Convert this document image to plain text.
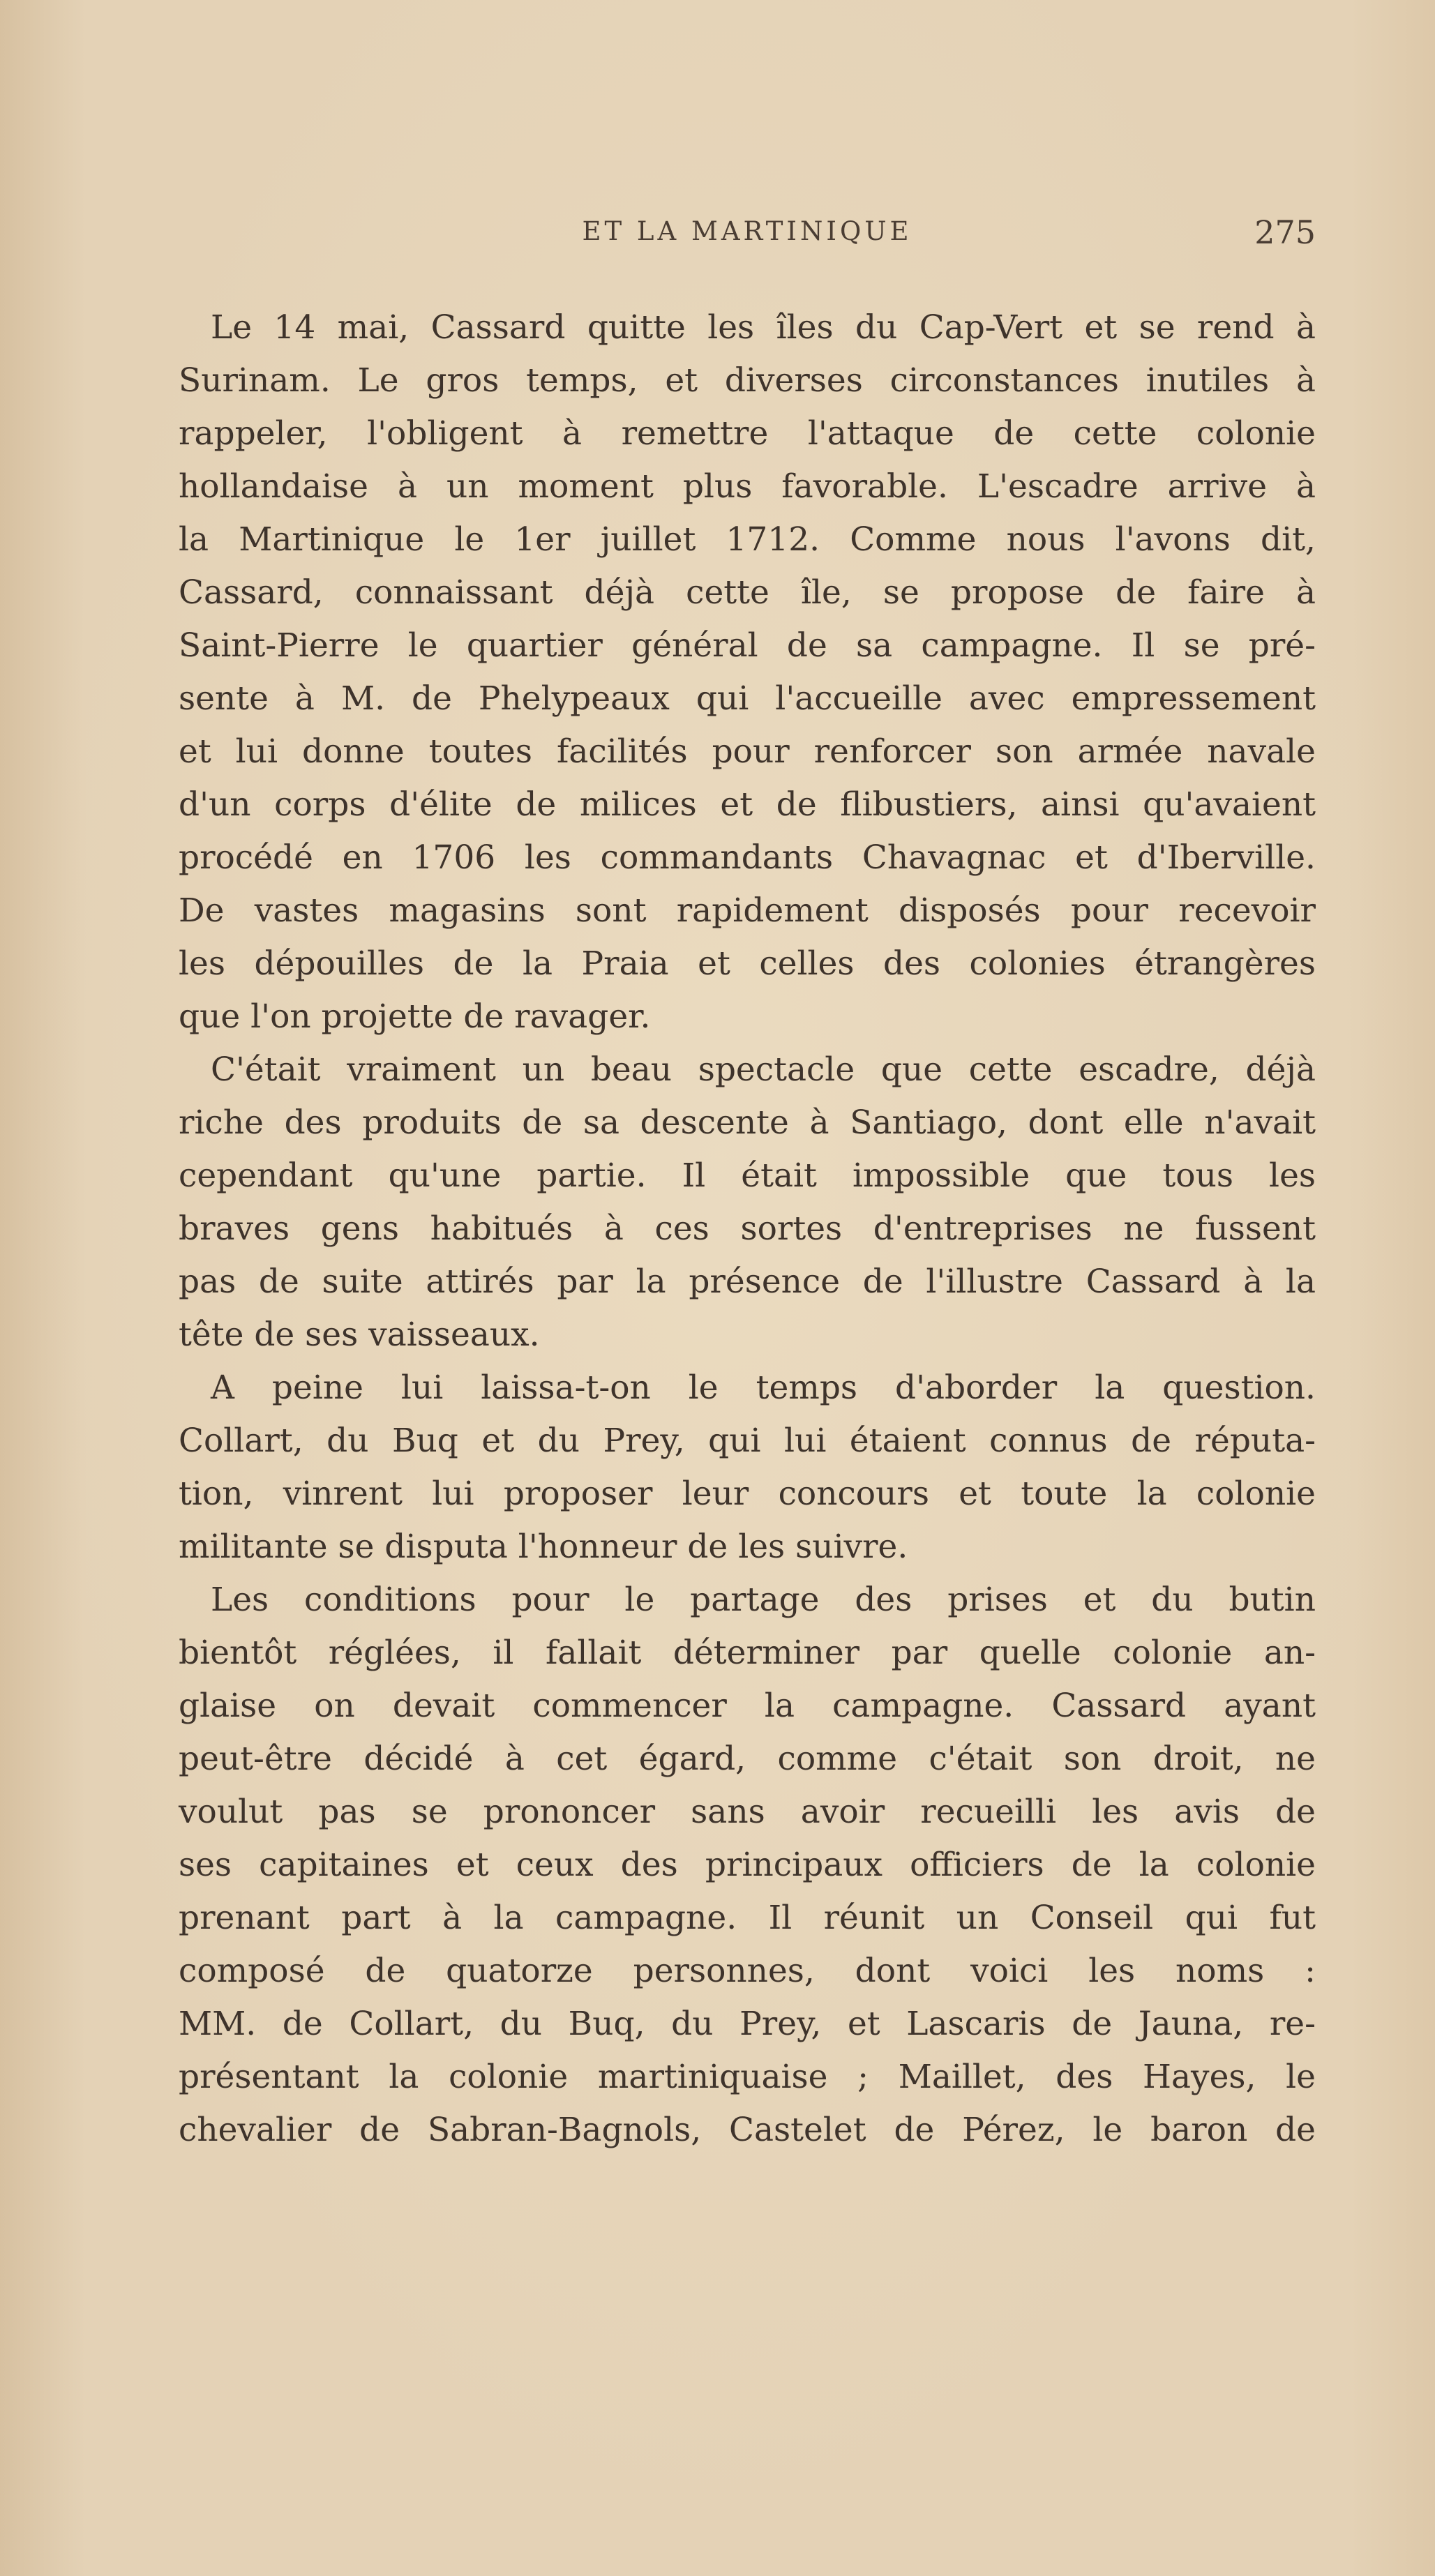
ET LA MARTINIQUE	275
Le 14 mai, Cassard quitte les îles du Cap-Vert et se rend à
Surinam. Le gros temps, et diverses circonstances inutiles à
rappeler, l'obligent à remettre l'attaque de cette colonie
hollandaise à un moment plus favorable. L'escadre arrive à
la Martinique le 1er juillet 1712. Comme nous l'avons dit,
Cassard, connaissant déjà cette île, se propose de faire à
Saint-Pierre le quartier général de sa campagne. Il se pré-
sente à M. de Phelypeaux qui l'accueille avec empressement
et lui donne toutes facilités pour renforcer son armée navale
d'un corps d'élite de milices et de flibustiers, ainsi qu'avaient
procédé en 1706 les commandants Chavagnac et d'Iberville.
De vastes magasins sont rapidement disposés pour recevoir
les dépouilles de la Praia et celles des colonies étrangères
que l'on projette de ravager.
C'était vraiment un beau spectacle que cette escadre, déjà
riche des produits de sa descente à Santiago, dont elle n'avait
cependant qu'une partie. Il était impossible que tous les
braves gens habitués à ces sortes d'entreprises ne fussent
pas de suite attirés par la présence de l'illustre Cassard à la
tête de ses vaisseaux.
A peine lui laissa-t-on le temps d'aborder la question.
Collart, du Buq et du Prey, qui lui étaient connus de réputa-
tion, vinrent lui proposer leur concours et toute la colonie
militante se disputa l'honneur de les suivre.
Les conditions pour le partage des prises et du butin
bientôt réglées, il fallait déterminer par quelle colonie an-
glaise on devait commencer la campagne. Cassard ayant
peut-être décidé à cet égard, comme c'était son droit, ne
voulut pas se prononcer sans avoir recueilli les avis de
ses capitaines et ceux des principaux officiers de la colonie
prenant part à la campagne. Il réunit un Conseil qui fut
composé de quatorze personnes, dont voici les noms :
MM. de Collart, du Buq, du Prey, et Lascaris de Jauna, re-
présentant la colonie martiniquaise ; Maillet, des Hayes, le
chevalier de Sabran-Bagnols, Castelet de Pérez, le baron de
